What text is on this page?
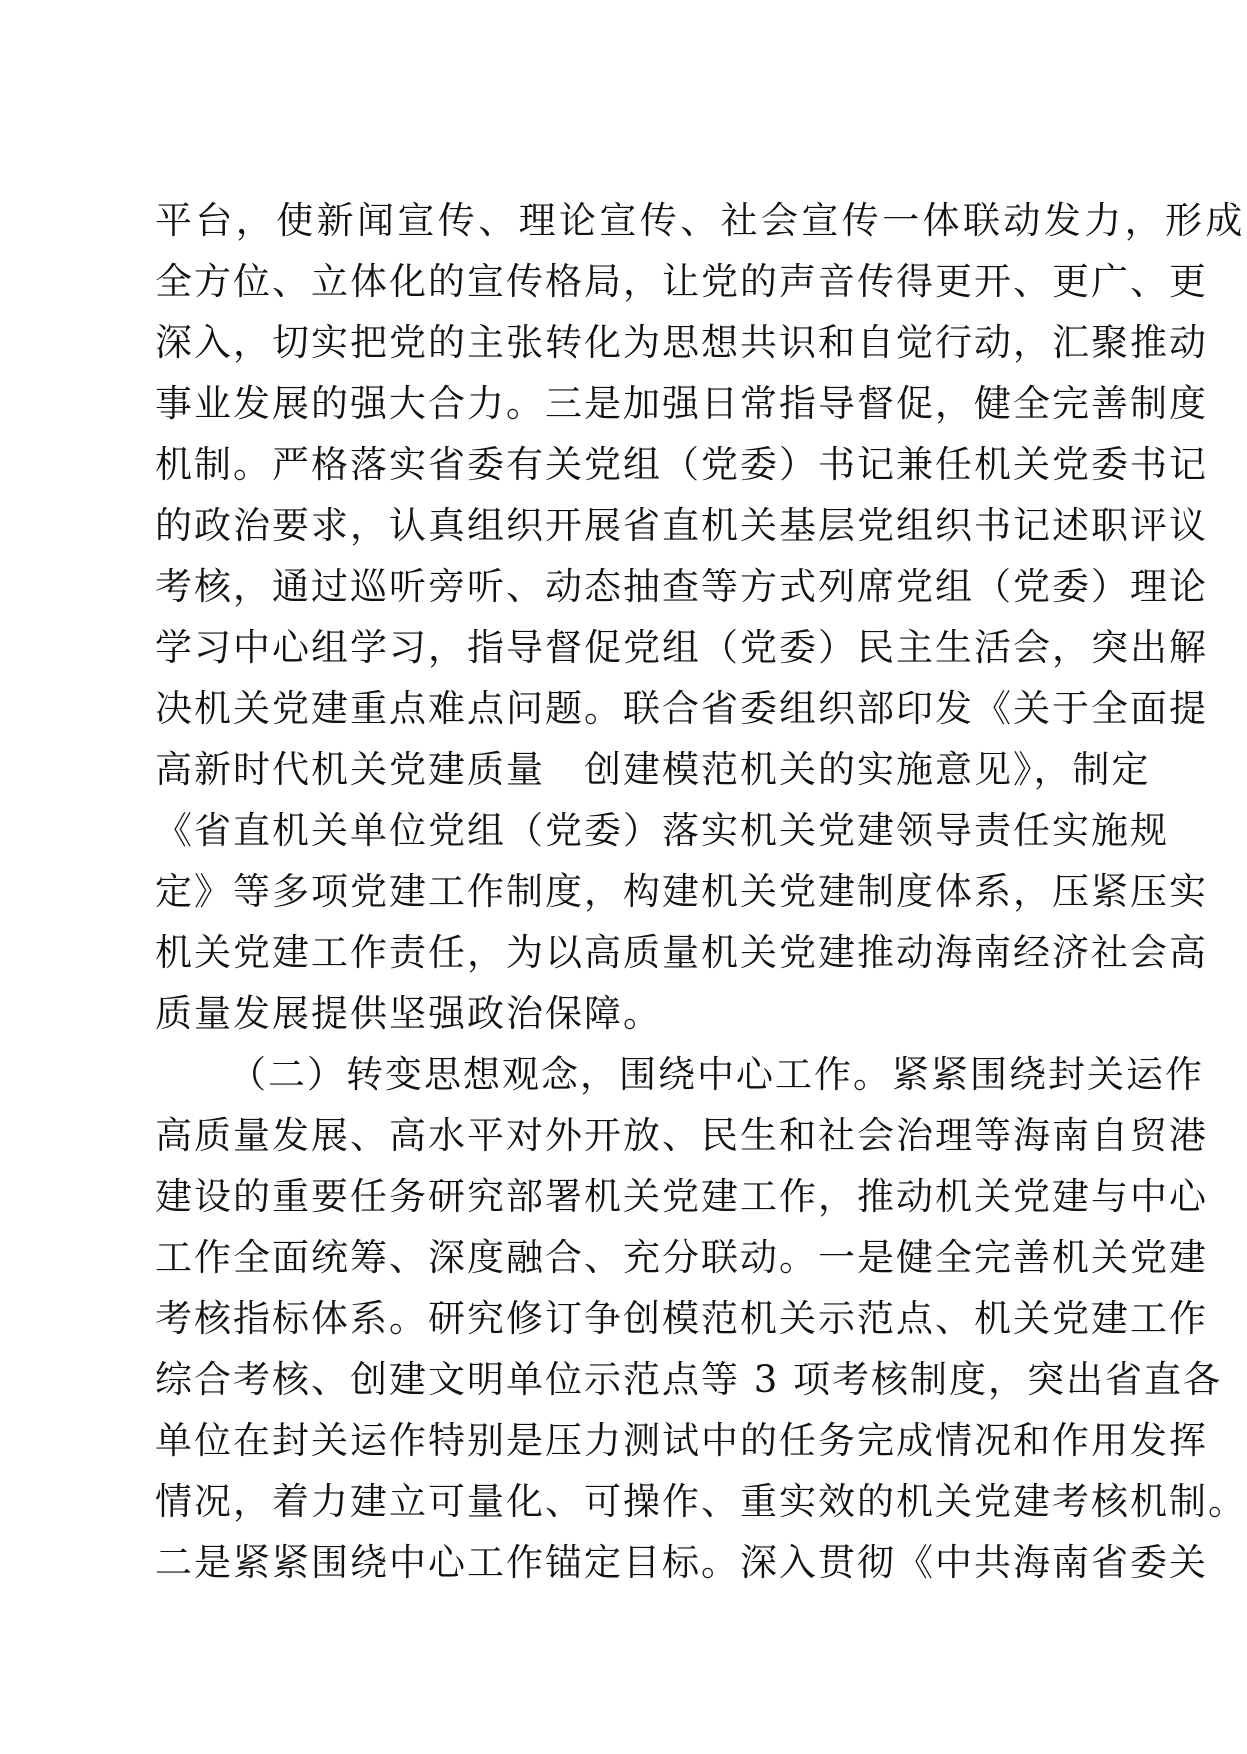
平台，使新闻宣传、理论宣传、社会宣传一体联动发力，形成
全方位、立体化的宣传格局，让党的声音传得更开、更广、更
深入，切实把党的主张转化为思想共识和自觉行动，汇聚推动
事业发展的强大合力。三是加强日常指导督促，健全完善制度
机制。严格落实省委有关党组（党委）书记兼任机关党委书记
的政治要求，认真组织开展省直机关基层党组织书记述职评议
考核，通过巡听旁听、动态抽查等方式列席党组（党委）理论
学习中心组学习，指导督促党组（党委）民主生活会，突出解
决机关党建重点难点问题。联合省委组织部印发《关于全面提
高新时代机关党建质量　创建模范机关的实施意见》，制定
《省直机关单位党组（党委）落实机关党建领导责任实施规
定》等多项党建工作制度，构建机关党建制度体系，压紧压实
机关党建工作责任，为以高质量机关党建推动海南经济社会高
质量发展提供坚强政治保障。
（二）转变思想观念，围绕中心工作。紧紧围绕封关运作
高质量发展、高水平对外开放、民生和社会治理等海南自贸港
建设的重要任务研究部署机关党建工作，推动机关党建与中心
工作全面统筹、深度融合、充分联动。一是健全完善机关党建
考核指标体系。研究修订争创模范机关示范点、机关党建工作
综合考核、创建文明单位示范点等 3 项考核制度，突出省直各
单位在封关运作特别是压力测试中的任务完成情况和作用发挥
情况，着力建立可量化、可操作、重实效的机关党建考核机制。
二是紧紧围绕中心工作锚定目标。深入贯彻《中共海南省委关
